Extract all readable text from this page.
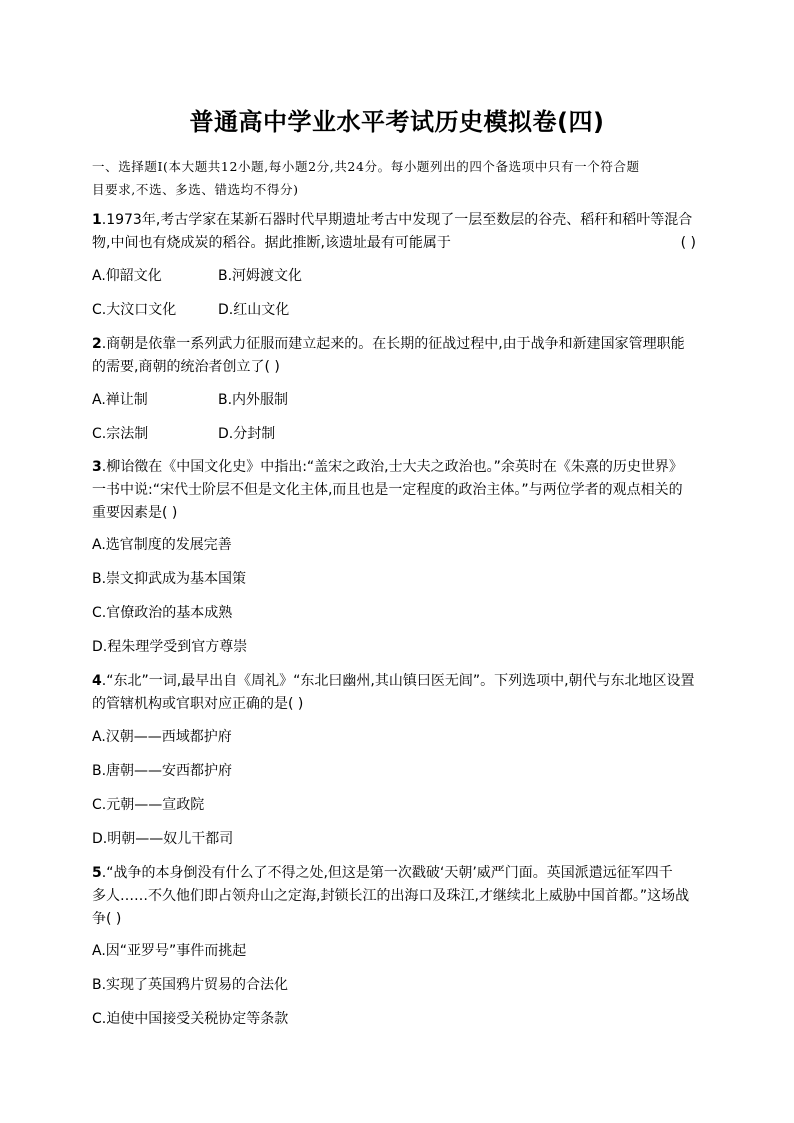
普通高中学业水平考试历史模拟卷(四)
一、选择题Ⅰ(本大题共12小题,每小题2分,共24分。每小题列出的四个备选项中只有一个符合题
目要求,不选、多选、错选均不得分)
1.1973年,考古学家在某新石器时代早期遗址考古中发现了一层至数层的谷壳、稻秆和稻叶等混合
物,中间也有烧成炭的稻谷。据此推断,该遗址最有可能属于	( )
A.仰韶文化	B.河姆渡文化
C.大汶口文化	D.红山文化
2.商朝是依靠一系列武力征服而建立起来的。在长期的征战过程中,由于战争和新建国家管理职能
的需要,商朝的统治者创立了( )
A.禅让制	B.内外服制
C.宗法制	D.分封制
3.柳诒徵在《中国文化史》中指出:“盖宋之政治,士大夫之政治也。”余英时在《朱熹的历史世界》
一书中说:“宋代士阶层不但是文化主体,而且也是一定程度的政治主体。”与两位学者的观点相关的
重要因素是( )
A.选官制度的发展完善
B.崇文抑武成为基本国策
C.官僚政治的基本成熟
D.程朱理学受到官方尊崇
4.“东北”一词,最早出自《周礼》“东北曰幽州,其山镇曰医无闾”。下列选项中,朝代与东北地区设置
的管辖机构或官职对应正确的是( )
A.汉朝——西域都护府
B.唐朝——安西都护府
C.元朝——宣政院
D.明朝——奴儿干都司
5.“战争的本身倒没有什么了不得之处,但这是第一次戳破‘天朝’威严门面。英国派遣远征军四千
多人……不久他们即占领舟山之定海,封锁长江的出海口及珠江,才继续北上威胁中国首都。”这场战
争( )
A.因“亚罗号”事件而挑起
B.实现了英国鸦片贸易的合法化
C.迫使中国接受关税协定等条款
